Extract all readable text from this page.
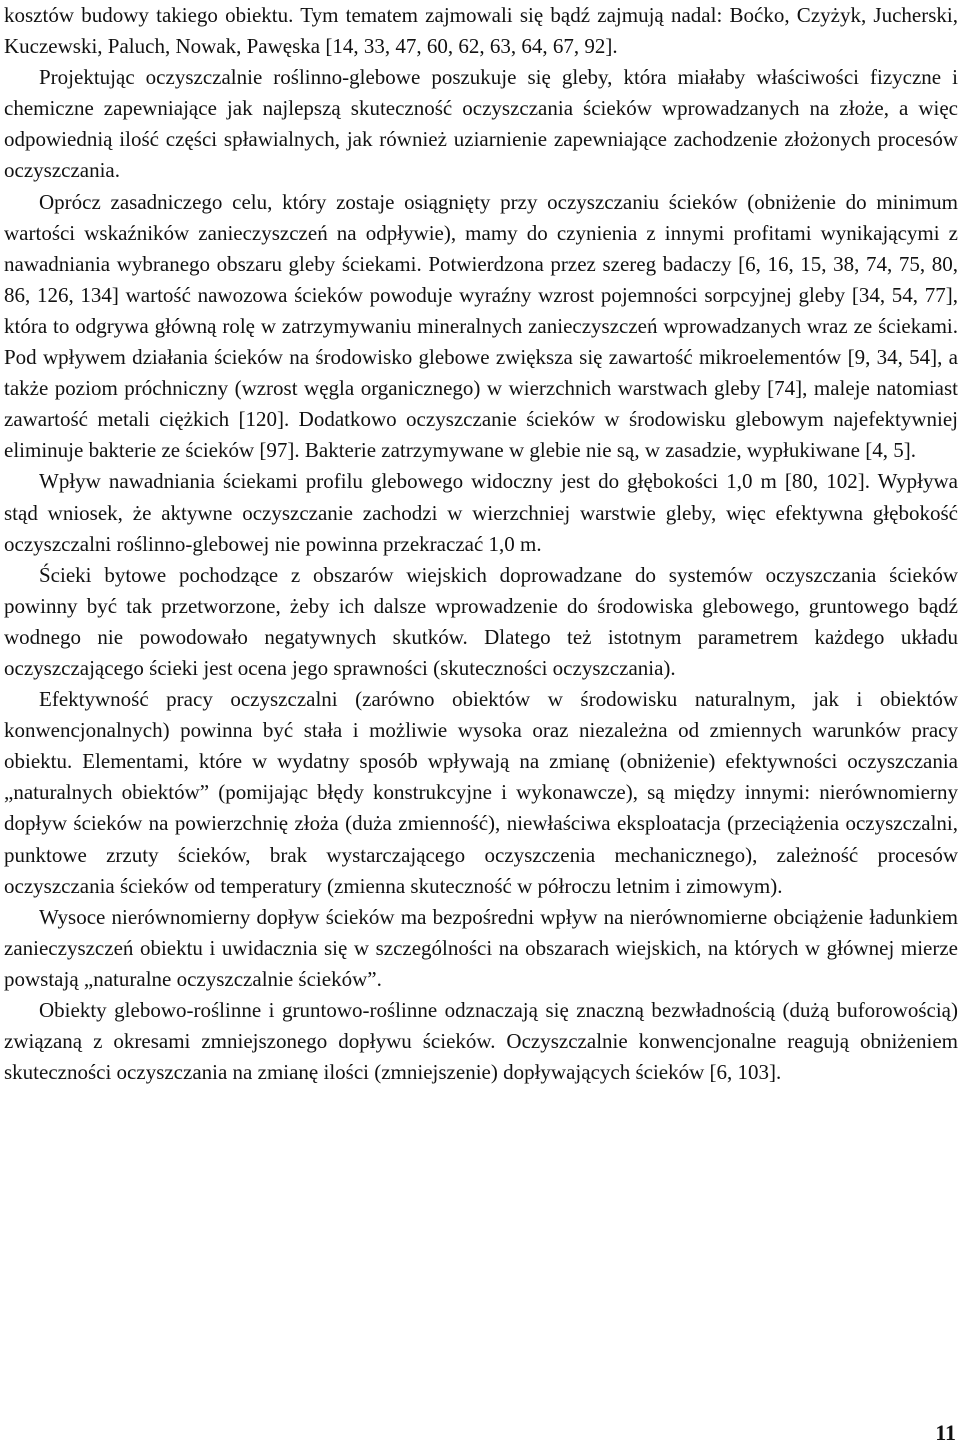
kosztów budowy takiego obiektu. Tym tematem zajmowali się bądź zajmują nadal: Boćko, Czyżyk, Jucherski, Kuczewski, Paluch, Nowak, Pawęska [14, 33, 47, 60, 62, 63, 64, 67, 92].

Projektując oczyszczalnie roślinno-glebowe poszukuje się gleby, która miałaby właściwości fizyczne i chemiczne zapewniające jak najlepszą skuteczność oczyszczania ścieków wprowadzanych na złoże, a więc odpowiednią ilość części spławialnych, jak również uziarnienie zapewniające zachodzenie złożonych procesów oczyszczania.

Oprócz zasadniczego celu, który zostaje osiągnięty przy oczyszczaniu ścieków (obniżenie do minimum wartości wskaźników zanieczyszczeń na odpływie), mamy do czynienia z innymi profitami wynikającymi z nawadniania wybranego obszaru gleby ściekami. Potwierdzona przez szereg badaczy [6, 16, 15, 38, 74, 75, 80, 86, 126, 134] wartość nawozowa ścieków powoduje wyraźny wzrost pojemności sorpcyjnej gleby [34, 54, 77], która to odgrywa główną rolę w zatrzymywaniu mineralnych zanieczyszczeń wprowadzanych wraz ze ściekami. Pod wpływem działania ścieków na środowisko glebowe zwiększa się zawartość mikroelementów [9, 34, 54], a także poziom próchniczny (wzrost węgla organicznego) w wierzchnich warstwach gleby [74], maleje natomiast zawartość metali ciężkich [120]. Dodatkowo oczyszczanie ścieków w środowisku glebowym najefektywniej eliminuje bakterie ze ścieków [97]. Bakterie zatrzymywane w glebie nie są, w zasadzie, wypłukiwane [4, 5].

Wpływ nawadniania ściekami profilu glebowego widoczny jest do głębokości 1,0 m [80, 102]. Wypływa stąd wniosek, że aktywne oczyszczanie zachodzi w wierzchniej warstwie gleby, więc efektywna głębokość oczyszczalni roślinno-glebowej nie powinna przekraczać 1,0 m.

Ścieki bytowe pochodzące z obszarów wiejskich doprowadzane do systemów oczyszczania ścieków powinny być tak przetworzone, żeby ich dalsze wprowadzenie do środowiska glebowego, gruntowego bądź wodnego nie powodowało negatywnych skutków. Dlatego też istotnym parametrem każdego układu oczyszczającego ścieki jest ocena jego sprawności (skuteczności oczyszczania).

Efektywność pracy oczyszczalni (zarówno obiektów w środowisku naturalnym, jak i obiektów konwencjonalnych) powinna być stała i możliwie wysoka oraz niezależna od zmiennych warunków pracy obiektu. Elementami, które w wydatny sposób wpływają na zmianę (obniżenie) efektywności oczyszczania „naturalnych obiektów” (pomijając błędy konstrukcyjne i wykonawcze), są między innymi: nierównomierny dopływ ścieków na powierzchnię złoża (duża zmienność), niewłaściwa eksploatacja (przeciążenia oczyszczalni, punktowe zrzuty ścieków, brak wystarczającego oczyszczenia mechanicznego), zależność procesów oczyszczania ścieków od temperatury (zmienna skuteczność w półroczu letnim i zimowym).

Wysoce nierównomierny dopływ ścieków ma bezpośredni wpływ na nierównomierne obciążenie ładunkiem zanieczyszczeń obiektu i uwidacznia się w szczególności na obszarach wiejskich, na których w głównej mierze powstają „naturalne oczyszczalnie ścieków”.

Obiekty glebowo-roślinne i gruntowo-roślinne odznaczają się znaczną bezwładnością (dużą buforowością) związaną z okresami zmniejszonego dopływu ścieków. Oczyszczalnie konwencjonalne reagują obniżeniem skuteczności oczyszczania na zmianę ilości (zmniejszenie) dopływających ścieków [6, 103].

11
